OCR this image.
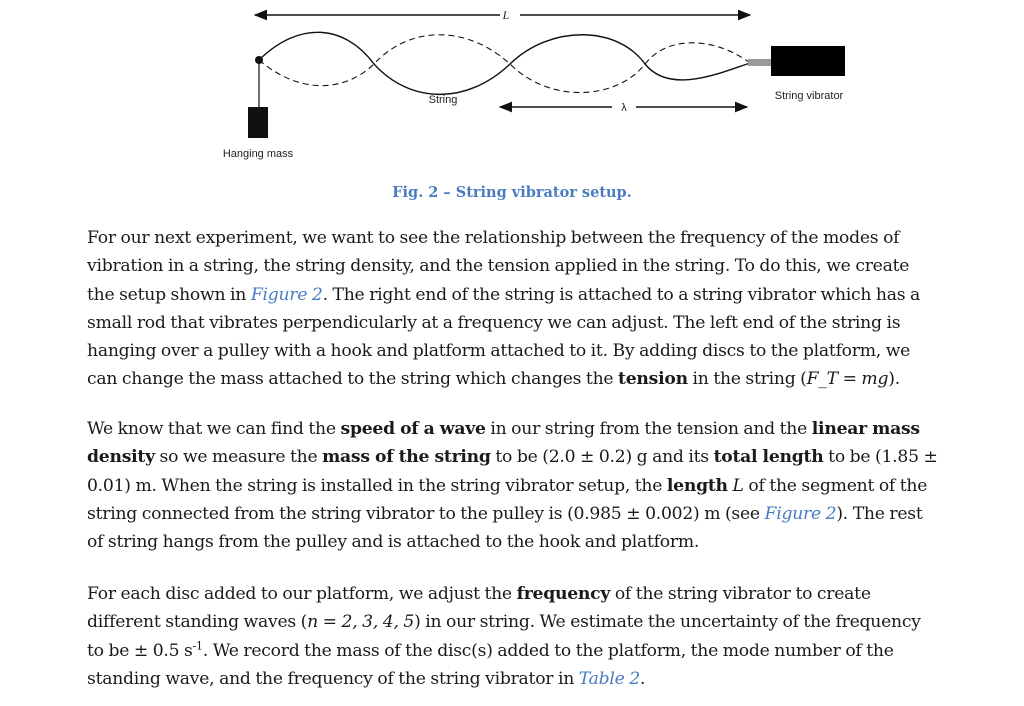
L
String	String vibrator
Hanging mass
λ
Fig. 2 – String vibrator setup.

For our next experiment, we want to see the relationship between the frequency of the modes of
vibration in a string, the string density, and the tension applied in the string. To do this, we create
the setup shown in Figure 2. The right end of the string is attached to a string vibrator which has a
small rod that vibrates perpendicularly at a frequency we can adjust. The left end of the string is
hanging over a pulley with a hook and platform attached to it. By adding discs to the platform, we
can change the mass attached to the string which changes the tension in the string (F_T = mg).

We know that we can find the speed of a wave in our string from the tension and the linear mass
density so we measure the mass of the string to be (2.0 ± 0.2) g and its total length to be (1.85 ±
0.01) m. When the string is installed in the string vibrator setup, the length L of the segment of the
string connected from the string vibrator to the pulley is (0.985 ± 0.002) m (see Figure 2). The rest
of string hangs from the pulley and is attached to the hook and platform.

For each disc added to our platform, we adjust the frequency of the string vibrator to create
different standing waves (n = 2, 3, 4, 5) in our string. We estimate the uncertainty of the frequency
to be ± 0.5 $s^{-1}$. We record the mass of the disc(s) added to the platform, the mode number of the
standing wave, and the frequency of the string vibrator in Table 2.
